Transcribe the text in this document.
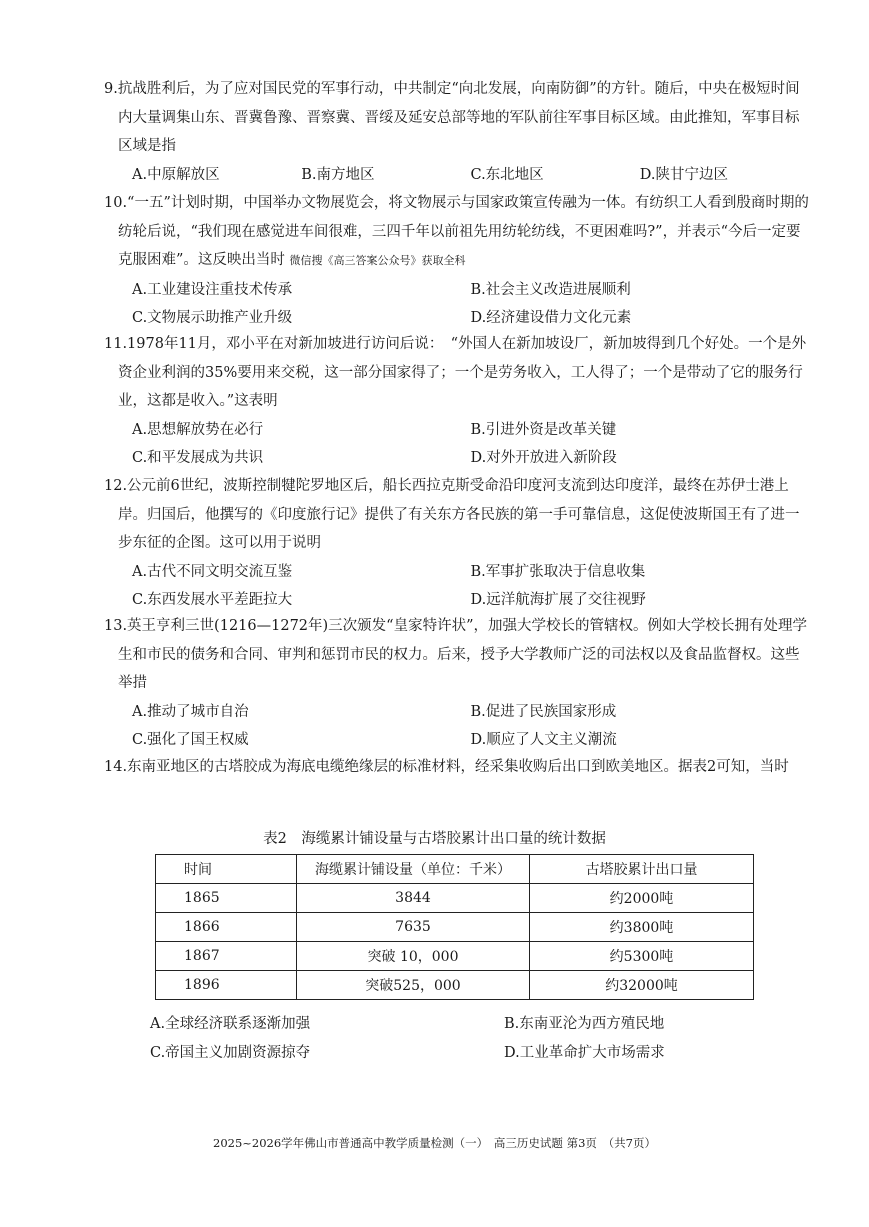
9.抗战胜利后，为了应对国民党的军事行动，中共制定“向北发展，向南防御”的方针。随后，中央在极短时间内大量调集山东、晋冀鲁豫、晋察冀、晋绥及延安总部等地的军队前往军事目标区域。由此推知，军事目标区域是指

A.中原解放区	B.南方地区	C.东北地区	D.陕甘宁边区

10.“一五”计划时期，中国举办文物展览会，将文物展示与国家政策宣传融为一体。有纺织工人看到殷商时期的纺轮后说，“我们现在感觉进车间很难，三四千年以前祖先用纺轮纺线，不更困难吗?”，并表示“今后一定要克服困难”。这反映出当时 微信搜《高三答案公众号》获取全科

A.工业建设注重技术传承	B.社会主义改造进展顺利
C.文物展示助推产业升级	D.经济建设借力文化元素

11.1978年11月，邓小平在对新加坡进行访问后说：　“外国人在新加坡设厂，新加坡得到几个好处。一个是外资企业利润的35%要用来交税，这一部分国家得了；一个是劳务收入，工人得了；一个是带动了它的服务行业，这都是收入。”这表明

A.思想解放势在必行	B.引进外资是改革关键
C.和平发展成为共识	D.对外开放进入新阶段

12.公元前6世纪，波斯控制犍陀罗地区后，船长西拉克斯受命沿印度河支流到达印度洋，最终在苏伊士港上岸。归国后，他撰写的《印度旅行记》提供了有关东方各民族的第一手可靠信息，这促使波斯国王有了进一步东征的企图。这可以用于说明

A.古代不同文明交流互鉴	B.军事扩张取决于信息收集
C.东西发展水平差距拉大	D.远洋航海扩展了交往视野

13.英王亨利三世(1216—1272年)三次颁发“皇家特许状”，加强大学校长的管辖权。例如大学校长拥有处理学生和市民的债务和合同、审判和惩罚市民的权力。后来，授予大学教师广泛的司法权以及食品监督权。这些举措

A.推动了城市自治	B.促进了民族国家形成
C.强化了国王权威	D.顺应了人文主义潮流

14.东南亚地区的古塔胶成为海底电缆绝缘层的标准材料，经采集收购后出口到欧美地区。据表2可知，当时

表2　海缆累计铺设量与古塔胶累计出口量的统计数据
时间	海缆累计铺设量（单位：千米）	古塔胶累计出口量
1865	3844	约2000吨
1866	7635	约3800吨
1867	突破 10，000	约5300吨
1896	突破525，000	约32000吨
A.全球经济联系逐渐加强	B.东南亚沦为西方殖民地
C.帝国主义加剧资源掠夺	D.工业革命扩大市场需求
2025~2026学年佛山市普通高中教学质量检测（一）　高三历史试题 第3页　（共7页）
